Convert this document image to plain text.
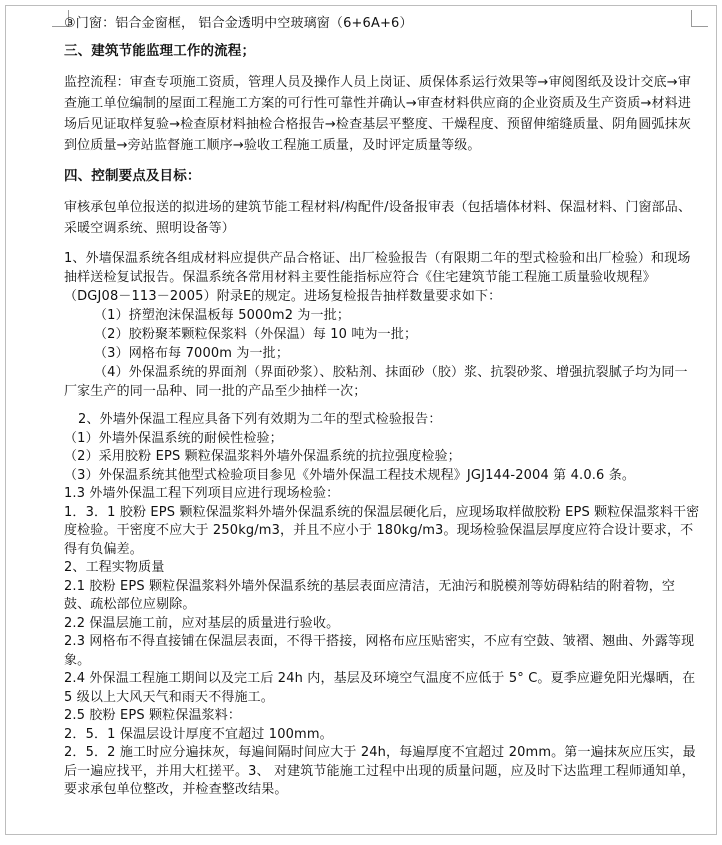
③门窗：铝合金窗框， 铝合金透明中空玻璃窗（6+6A+6）

三、建筑节能监理工作的流程；

监控流程：审查专项施工资质，管理人员及操作人员上岗证、质保体系运行效果等→审阅图纸及设计交底→审查施工单位编制的屋面工程施工方案的可行性可靠性并确认→审查材料供应商的企业资质及生产资质→材料进场后见证取样复验→检查原材料抽检合格报告→检查基层平整度、干燥程度、预留伸缩缝质量、阴角圆弧抹灰到位质量→旁站监督施工顺序→验收工程施工质量，及时评定质量等级。

四、控制要点及目标：

审核承包单位报送的拟进场的建筑节能工程材料/构配件/设备报审表（包括墙体材料、保温材料、门窗部品、采暖空调系统、照明设备等）

1、外墙保温系统各组成材料应提供产品合格证、出厂检验报告（有限期二年的型式检验和出厂检验）和现场抽样送检复试报告。保温系统各常用材料主要性能指标应符合《住宅建筑节能工程施工质量验收规程》（DGJ08－113－2005）附录E的规定。进场复检报告抽样数量要求如下：

（1）挤塑泡沫保温板每 5000m2 为一批；

（2）胶粉聚苯颗粒保浆料（外保温）每 10 吨为一批；

（3）网格布每 7000m 为一批；

（4）外保温系统的界面剂（界面砂浆）、胶粘剂、抹面砂（胶）浆、抗裂砂浆、增强抗裂腻子均为同一厂家生产的同一品种、同一批的产品至少抽样一次；

2、外墙外保温工程应具备下列有效期为二年的型式检验报告：

（1）外墙外保温系统的耐候性检验；

（2）采用胶粉 EPS 颗粒保温浆料外墙外保温系统的抗拉强度检验；

（3）外保温系统其他型式检验项目参见《外墙外保温工程技术规程》JGJ144-2004 第 4.0.6 条。

1.3 外墙外保温工程下列项目应进行现场检验：

1．3．1 胶粉 EPS 颗粒保温浆料外墙外保温系统的保温层硬化后，应现场取样做胶粉 EPS 颗粒保温浆料干密度检验。干密度不应大于 250kg/m3，并且不应小于 180kg/m3。现场检验保温层厚度应符合设计要求，不得有负偏差。

2、工程实物质量

2.1 胶粉 EPS 颗粒保温浆料外墙外保温系统的基层表面应清洁，无油污和脱模剂等妨碍粘结的附着物，空鼓、疏松部位应剔除。

2.2 保温层施工前，应对基层的质量进行验收。

2.3 网格布不得直接铺在保温层表面，不得干搭接，网格布应压贴密实，不应有空鼓、皱褶、翘曲、外露等现象。

2.4 外保温工程施工期间以及完工后 24h 内，基层及环境空气温度不应低于 5° C。夏季应避免阳光爆晒，在 5 级以上大风天气和雨天不得施工。

2.5 胶粉 EPS 颗粒保温浆料：

2．5．1 保温层设计厚度不宜超过 100mm。

2．5．2 施工时应分遍抹灰，每遍间隔时间应大于 24h，每遍厚度不宜超过 20mm。第一遍抹灰应压实，最后一遍应找平，并用大杠搓平。3、 对建筑节能施工过程中出现的质量问题，应及时下达监理工程师通知单，要求承包单位整改，并检查整改结果。
